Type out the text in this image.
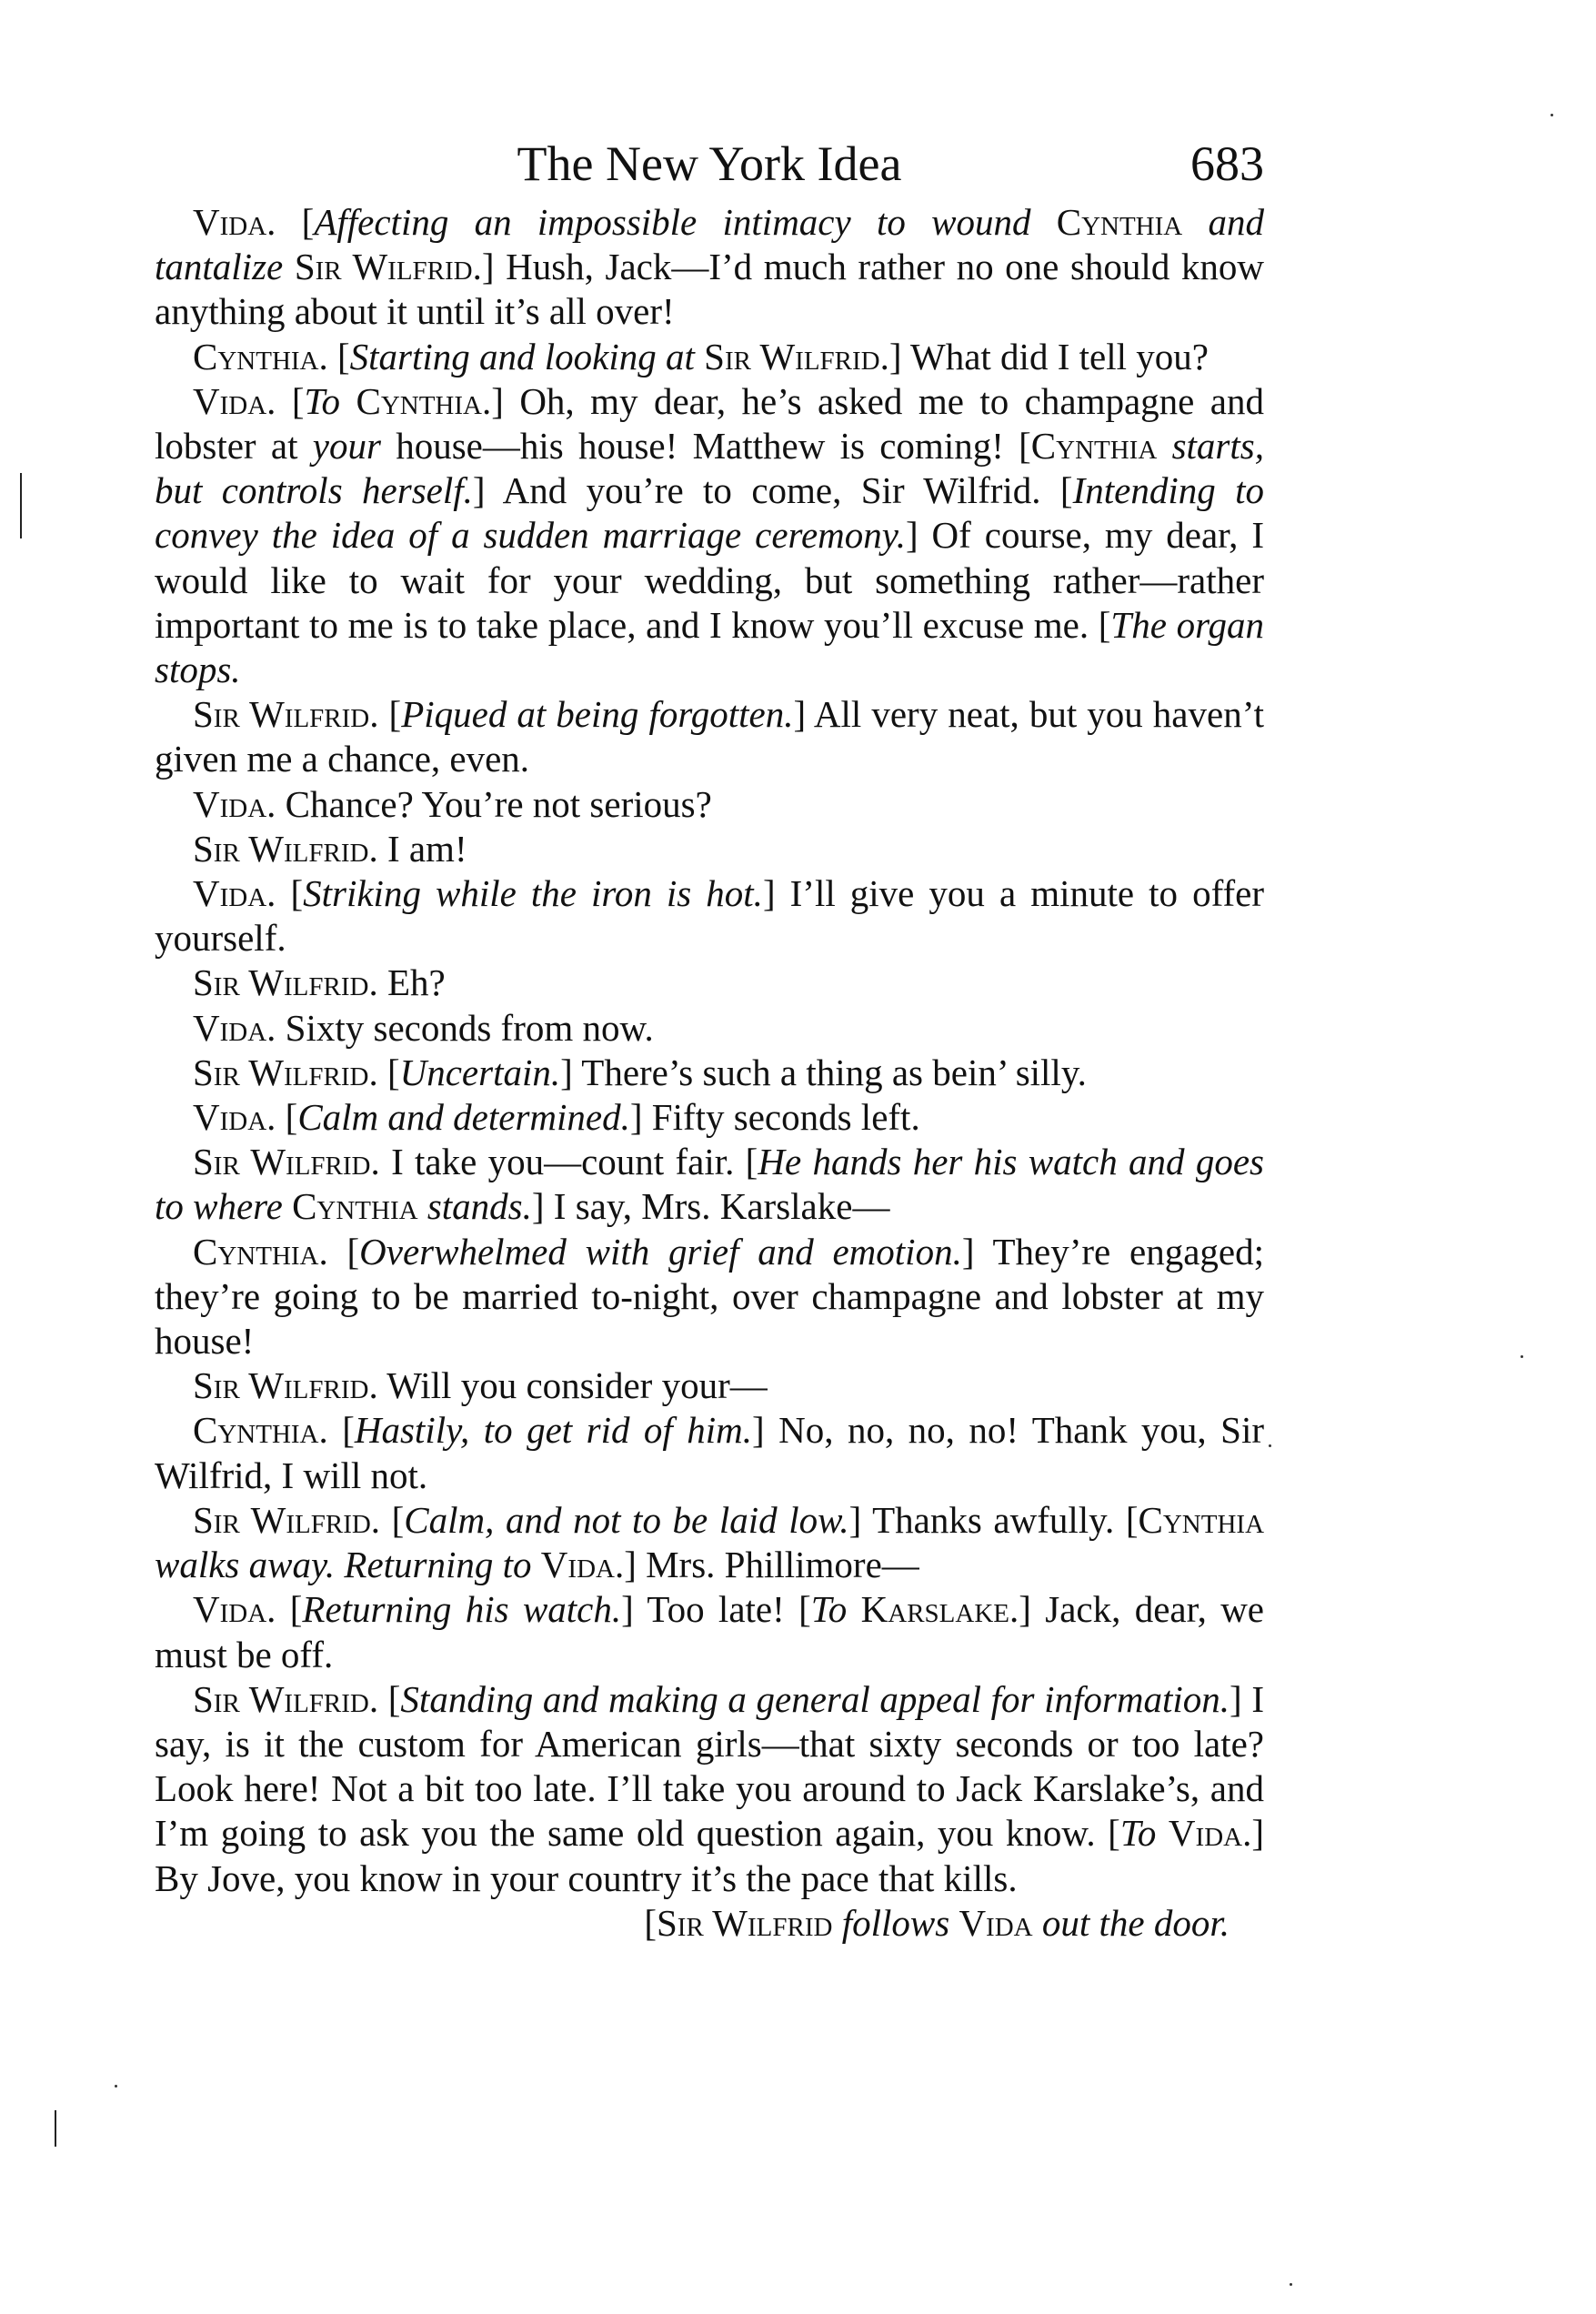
The New York Idea	683

Vida. [Affecting an impossible intimacy to wound Cynthia and tantalize Sir Wilfrid.] Hush, Jack—I’d much rather no one should know anything about it until it’s all over!

Cynthia. [Starting and looking at Sir Wilfrid.] What did I tell you?

Vida. [To Cynthia.] Oh, my dear, he’s asked me to champagne and lobster at your house—his house! Matthew is coming! [Cynthia starts, but controls herself.] And you’re to come, Sir Wilfrid. [Intending to convey the idea of a sudden marriage ceremony.] Of course, my dear, I would like to wait for your wedding, but something rather—rather important to me is to take place, and I know you’ll excuse me. [The organ stops.

Sir Wilfrid. [Piqued at being forgotten.] All very neat, but you haven’t given me a chance, even.

Vida. Chance? You’re not serious?

Sir Wilfrid. I am!

Vida. [Striking while the iron is hot.] I’ll give you a minute to offer yourself.

Sir Wilfrid. Eh?

Vida. Sixty seconds from now.

Sir Wilfrid. [Uncertain.] There’s such a thing as bein’ silly.

Vida. [Calm and determined.] Fifty seconds left.

Sir Wilfrid. I take you—count fair. [He hands her his watch and goes to where Cynthia stands.] I say, Mrs. Karslake—

Cynthia. [Overwhelmed with grief and emotion.] They’re engaged; they’re going to be married to-night, over champagne and lobster at my house!

Sir Wilfrid. Will you consider your—

Cynthia. [Hastily, to get rid of him.] No, no, no, no! Thank you, Sir Wilfrid, I will not.

Sir Wilfrid. [Calm, and not to be laid low.] Thanks awfully. [Cynthia walks away. Returning to Vida.] Mrs. Phillimore—

Vida. [Returning his watch.] Too late! [To Karslake.] Jack, dear, we must be off.

Sir Wilfrid. [Standing and making a general appeal for information.] I say, is it the custom for American girls—that sixty seconds or too late? Look here! Not a bit too late. I’ll take you around to Jack Karslake’s, and I’m going to ask you the same old question again, you know. [To Vida.] By Jove, you know in your country it’s the pace that kills.

[Sir Wilfrid follows Vida out the door.
